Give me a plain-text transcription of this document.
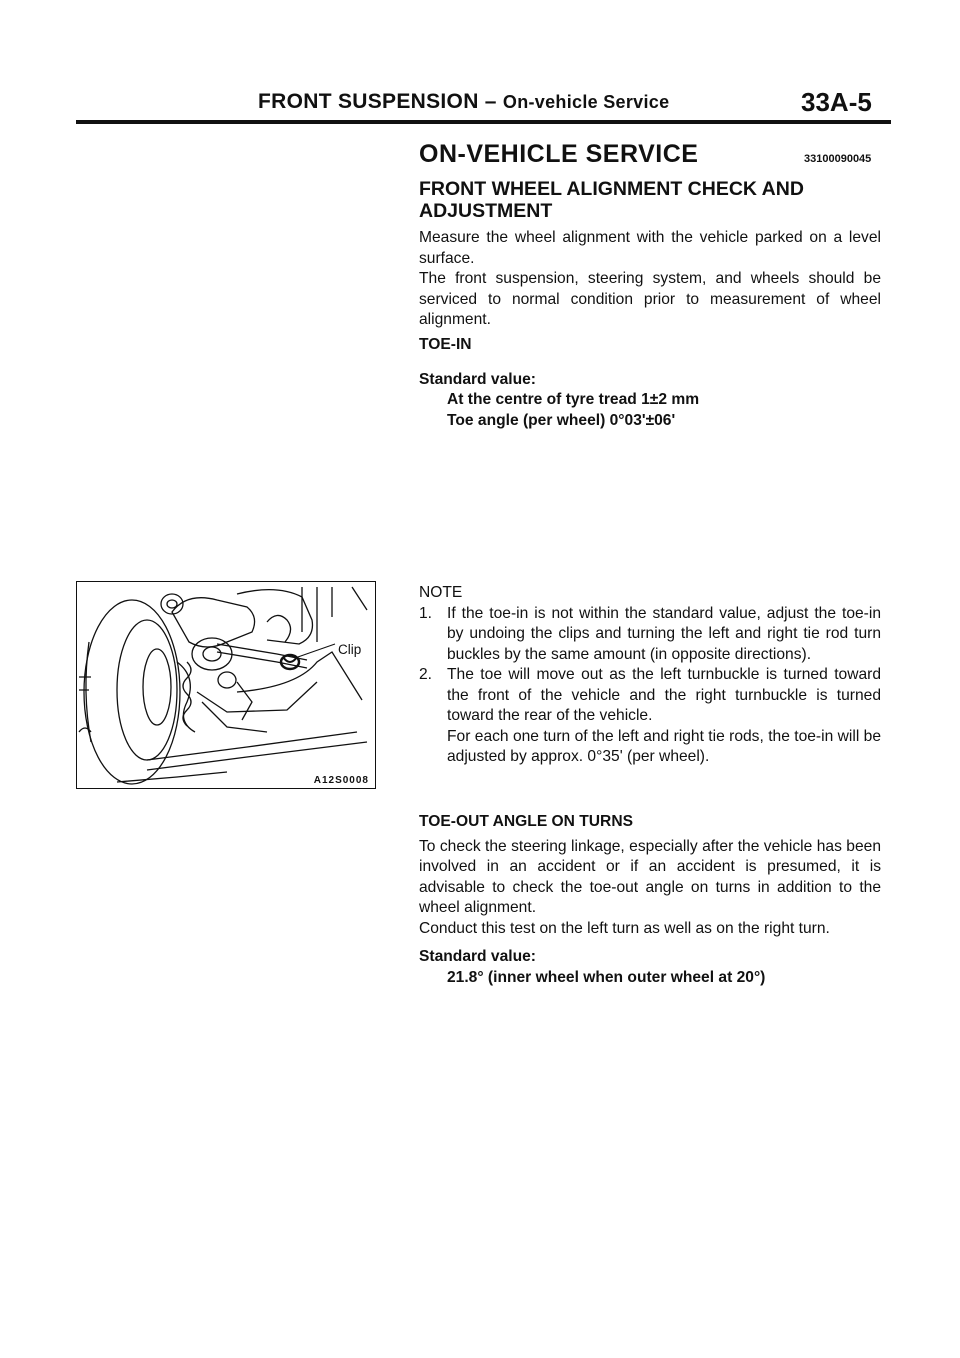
FRONT SUSPENSION – On-vehicle Service	33A-5
ON-VEHICLE SERVICE	33100090045
FRONT WHEEL ALIGNMENT CHECK AND ADJUSTMENT

Measure the wheel alignment with the vehicle parked on a level surface.

The front suspension, steering system, and wheels should be serviced to normal condition prior to measurement of wheel alignment.

TOE-IN

Standard value:

At the centre of tyre tread 1±2 mm

Toe angle (per wheel) 0°03'±06'

Clip
A12S0008

NOTE

1. If the toe-in is not within the standard value, adjust the toe-in by undoing the clips and turning the left and right tie rod turn buckles by the same amount (in opposite directions).
2. The toe will move out as the left turnbuckle is turned toward the front of the vehicle and the right turnbuckle is turned toward the rear of the vehicle.

For each one turn of the left and right tie rods, the toe-in will be adjusted by approx. 0°35' (per wheel).

TOE-OUT ANGLE ON TURNS

To check the steering linkage, especially after the vehicle has been involved in an accident or if an accident is presumed, it is advisable to check the toe-out angle on turns in addition to the wheel alignment.

Conduct this test on the left turn as well as on the right turn.

Standard value:

21.8° (inner wheel when outer wheel at 20°)
